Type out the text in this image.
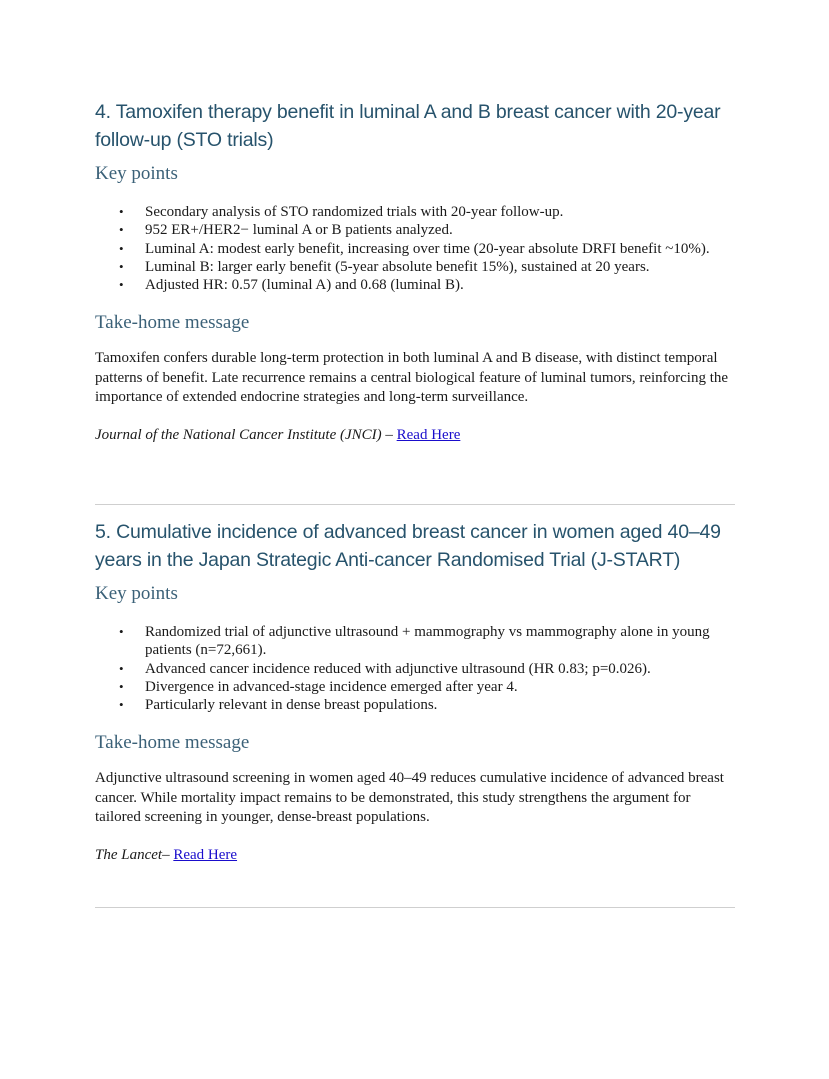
4. Tamoxifen therapy benefit in luminal A and B breast cancer with 20-year follow-up (STO trials)
Key points
• Secondary analysis of STO randomized trials with 20-year follow-up.
• 952 ER+/HER2− luminal A or B patients analyzed.
• Luminal A: modest early benefit, increasing over time (20-year absolute DRFI benefit ~10%).
• Luminal B: larger early benefit (5-year absolute benefit 15%), sustained at 20 years.
• Adjusted HR: 0.57 (luminal A) and 0.68 (luminal B).
Take-home message

Tamoxifen confers durable long-term protection in both luminal A and B disease, with distinct temporal patterns of benefit. Late recurrence remains a central biological feature of luminal tumors, reinforcing the importance of extended endocrine strategies and long-term surveillance.

Journal of the National Cancer Institute (JNCI) – Read Here

5. Cumulative incidence of advanced breast cancer in women aged 40–49 years in the Japan Strategic Anti-cancer Randomised Trial (J-START)
Key points
• Randomized trial of adjunctive ultrasound + mammography vs mammography alone in young patients (n=72,661).
• Advanced cancer incidence reduced with adjunctive ultrasound (HR 0.83; p=0.026).
• Divergence in advanced-stage incidence emerged after year 4.
• Particularly relevant in dense breast populations.
Take-home message

Adjunctive ultrasound screening in women aged 40–49 reduces cumulative incidence of advanced breast cancer. While mortality impact remains to be demonstrated, this study strengthens the argument for tailored screening in younger, dense-breast populations.

The Lancet– Read Here
